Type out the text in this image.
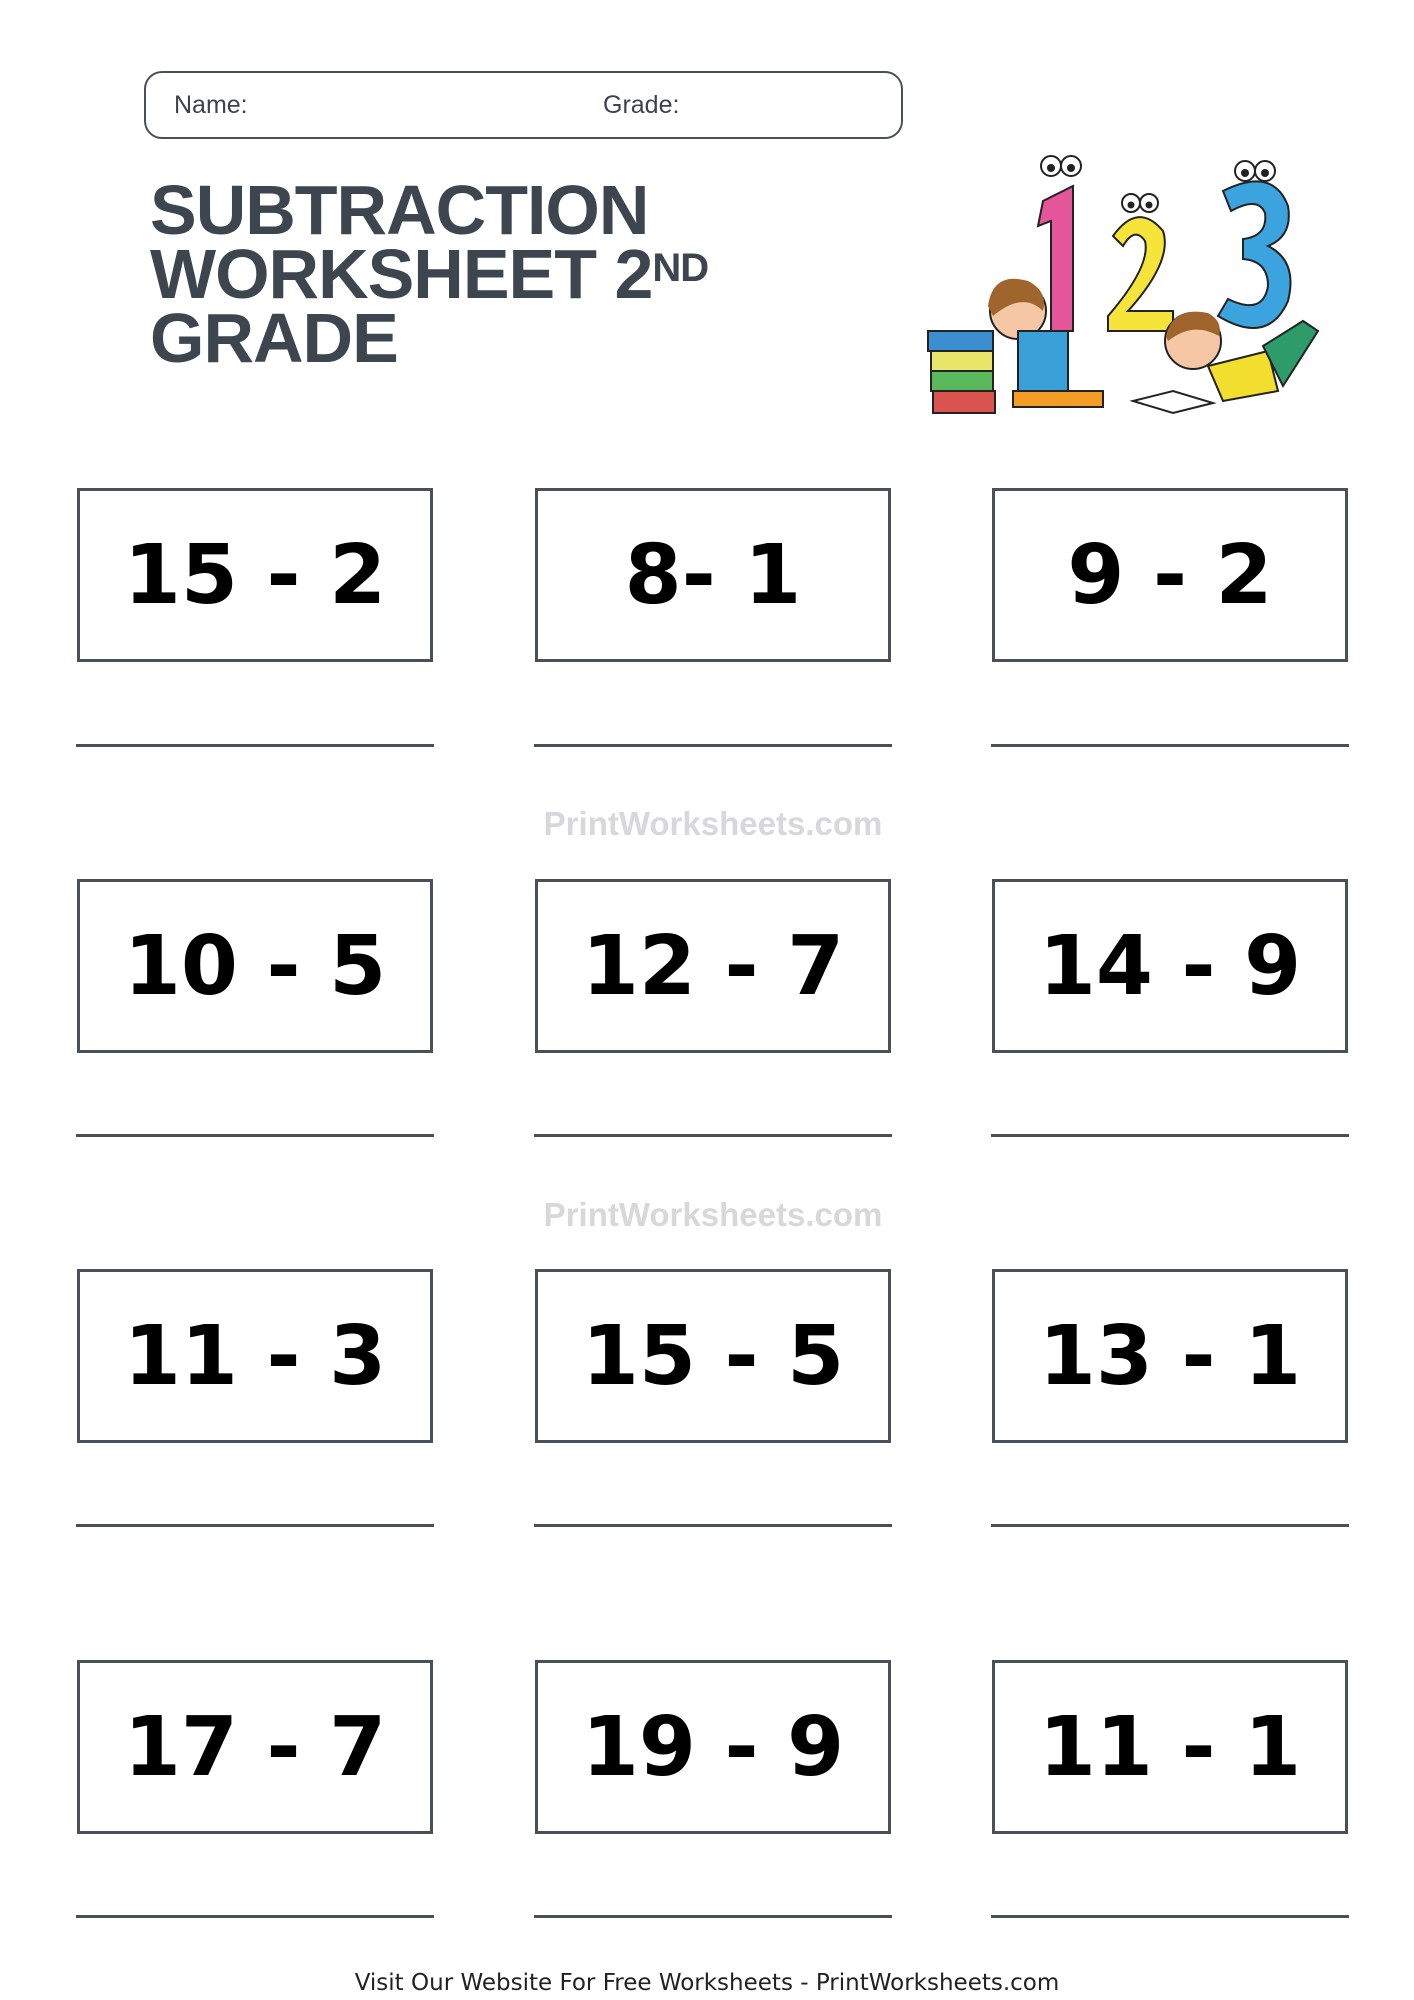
Name:	Grade:
SUBTRACTION
WORKSHEET 2ND
GRADE
15 - 2	8- 1	9 - 2
10 - 5	12 - 7	14 - 9
11 - 3	15 - 5	13 - 1
17 - 7	19 - 9	11 - 1
PrintWorksheets.com
PrintWorksheets.com
Visit Our Website For Free Worksheets - PrintWorksheets.com
